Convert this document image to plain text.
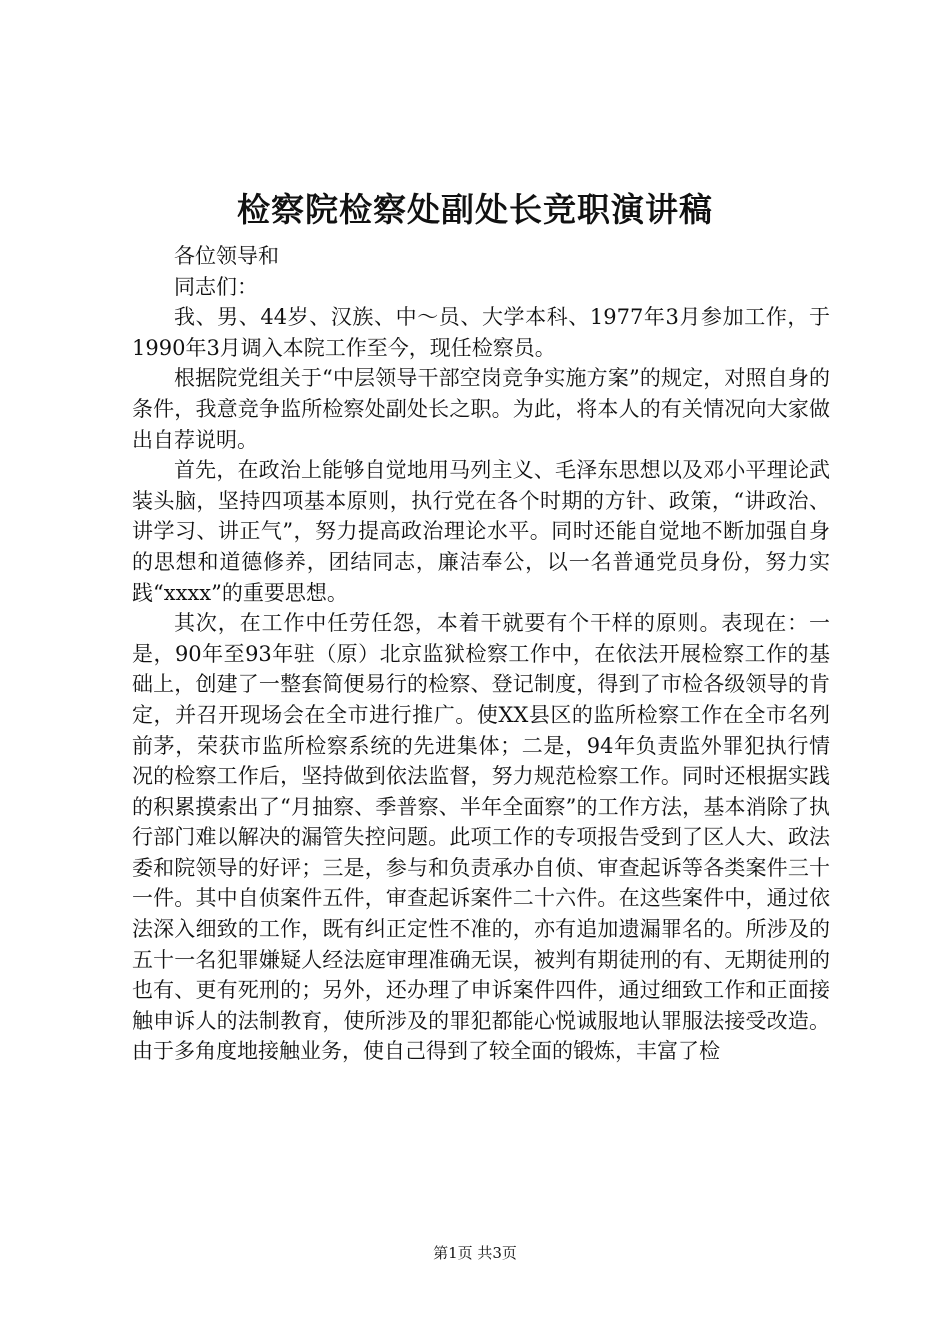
检察院检察处副处长竞职演讲稿

各位领导和

同志们：

我、男、44岁、汉族、中～员、大学本科、1977年3月参加工作，于1990年3月调入本院工作至今，现任检察员。

根据院党组关于“中层领导干部空岗竞争实施方案”的规定，对照自身的条件，我意竞争监所检察处副处长之职。为此，将本人的有关情况向大家做出自荐说明。

首先，在政治上能够自觉地用马列主义、毛泽东思想以及邓小平理论武装头脑，坚持四项基本原则，执行党在各个时期的方针、政策，“讲政治、讲学习、讲正气”，努力提高政治理论水平。同时还能自觉地不断加强自身的思想和道德修养，团结同志，廉洁奉公，以一名普通党员身份，努力实践“xxxx”的重要思想。

其次，在工作中任劳任怨，本着干就要有个干样的原则。表现在：一是，90年至93年驻（原）北京监狱检察工作中，在依法开展检察工作的基础上，创建了一整套简便易行的检察、登记制度，得到了市检各级领导的肯定，并召开现场会在全市进行推广。使XX县区的监所检察工作在全市名列前茅，荣获市监所检察系统的先进集体；二是，94年负责监外罪犯执行情况的检察工作后，坚持做到依法监督，努力规范检察工作。同时还根据实践的积累摸索出了“月抽察、季普察、半年全面察”的工作方法，基本消除了执行部门难以解决的漏管失控问题。此项工作的专项报告受到了区人大、政法委和院领导的好评；三是，参与和负责承办自侦、审查起诉等各类案件三十一件。其中自侦案件五件，审查起诉案件二十六件。在这些案件中，通过依法深入细致的工作，既有纠正定性不准的，亦有追加遗漏罪名的。所涉及的五十一名犯罪嫌疑人经法庭审理准确无误，被判有期徒刑的有、无期徒刑的也有、更有死刑的；另外，还办理了申诉案件四件，通过细致工作和正面接触申诉人的法制教育，使所涉及的罪犯都能心悦诚服地认罪服法接受改造。由于多角度地接触业务，使自己得到了较全面的锻炼，丰富了检

第1页 共3页
